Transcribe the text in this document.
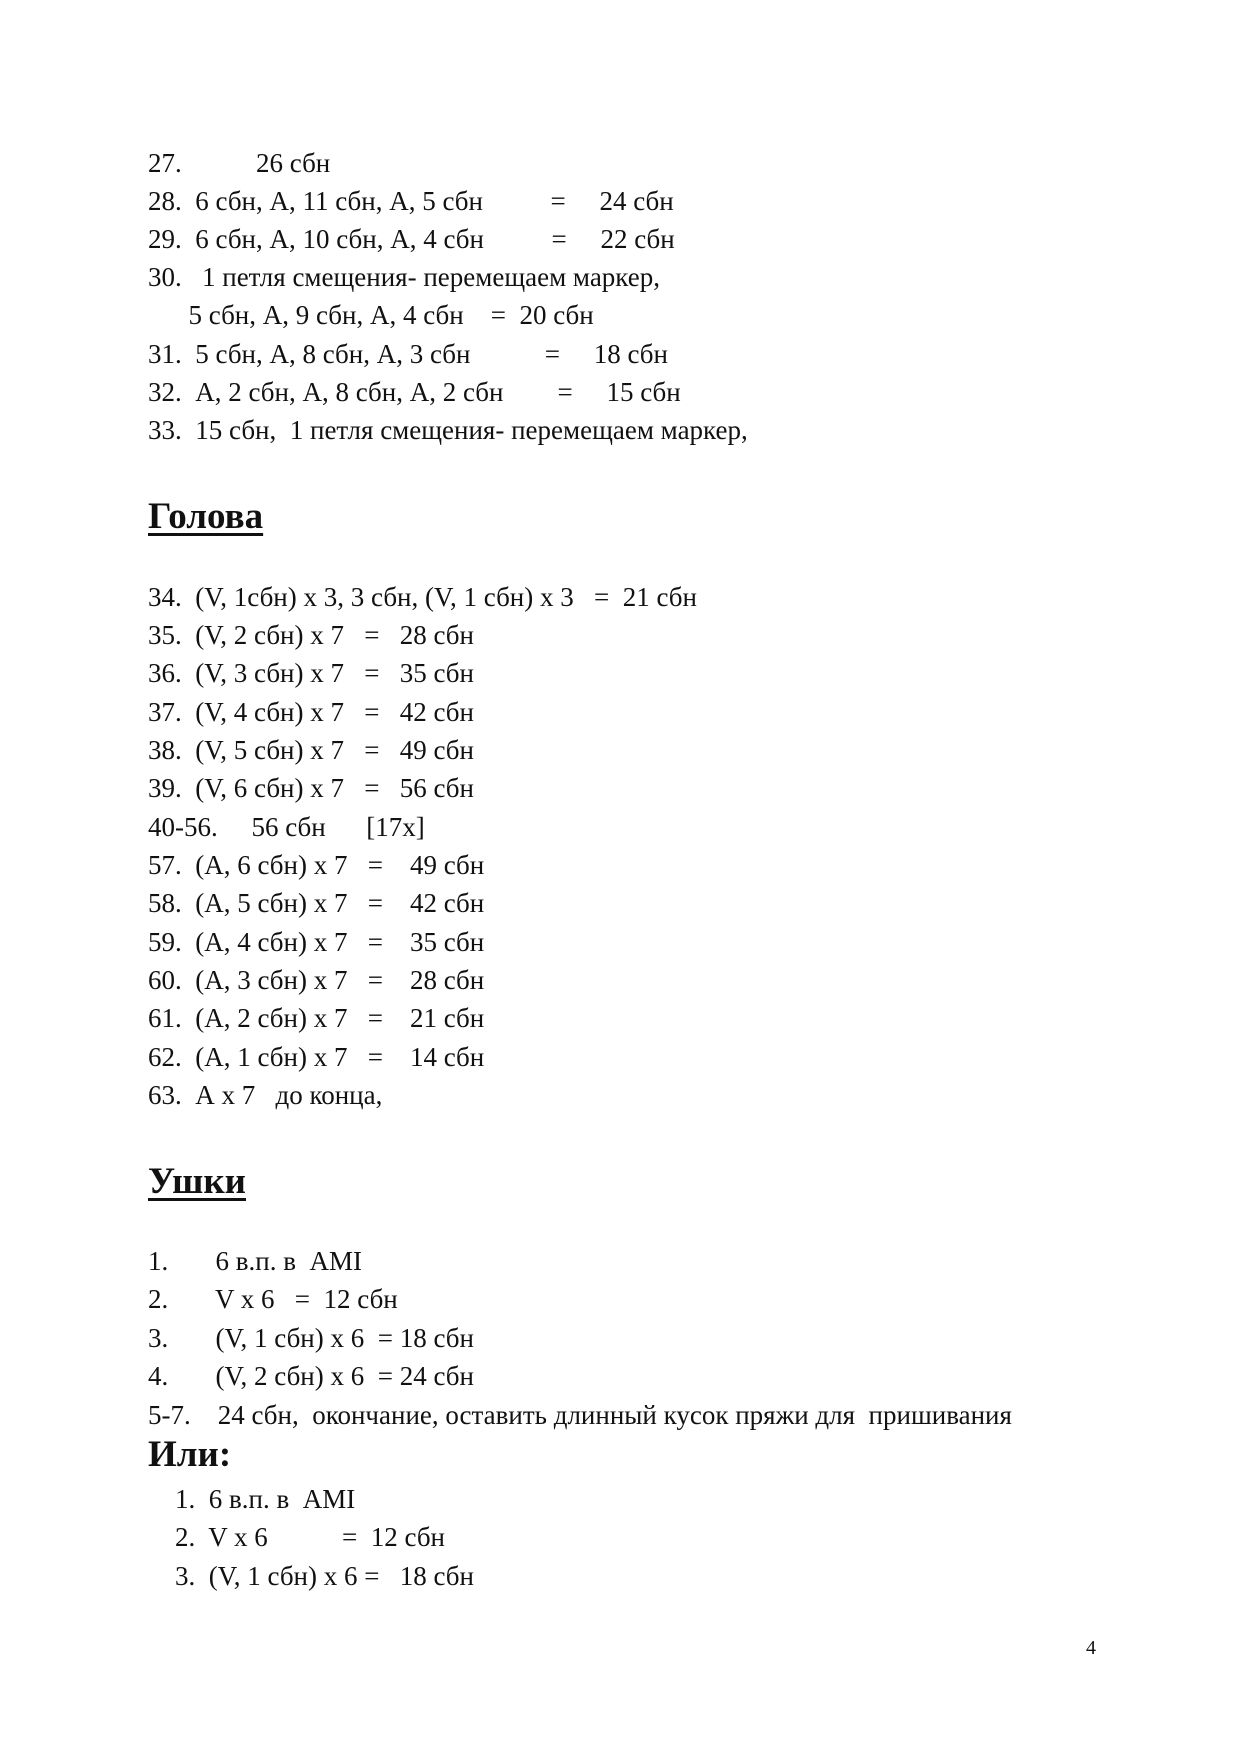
27.           26 сбн
28.  6 сбн, А, 11 сбн, А, 5 сбн          =     24 сбн
29.  6 сбн, А, 10 сбн, А, 4 сбн          =     22 сбн
30.   1 петля смещения- перемещаем маркер,
5 сбн, А, 9 сбн, А, 4 сбн    =  20 сбн
31.  5 сбн, А, 8 сбн, А, 3 сбн           =     18 сбн
32.  А, 2 сбн, А, 8 сбн, А, 2 сбн        =     15 сбн
33.  15 сбн,  1 петля смещения- перемещаем маркер,
Голова
34.  (V, 1сбн) х 3, 3 сбн, (V, 1 сбн) х 3   =  21 сбн
35.  (V, 2 сбн) х 7   =   28 сбн
36.  (V, 3 сбн) х 7   =   35 сбн
37.  (V, 4 сбн) х 7   =   42 сбн
38.  (V, 5 сбн) х 7   =   49 сбн
39.  (V, 6 сбн) х 7   =   56 сбн
40-56.     56 сбн      [17х]
57.  (А, 6 сбн) х 7   =    49 сбн
58.  (А, 5 сбн) х 7   =    42 сбн
59.  (А, 4 сбн) х 7   =    35 сбн
60.  (А, 3 сбн) х 7   =    28 сбн
61.  (А, 2 сбн) х 7   =    21 сбн
62.  (А, 1 сбн) х 7   =    14 сбн
63.  А х 7   до конца,
Ушки
1.       6 в.п. в  AMI
2.       V х 6   =  12 сбн
3.       (V, 1 сбн) х 6  = 18 сбн
4.       (V, 2 сбн) х 6  = 24 сбн
5-7.    24 сбн,  окончание, оставить длинный кусок пряжи для  пришивания
Или:
1.  6 в.п. в  AMI
2.  V х 6           =  12 сбн
3.  (V, 1 сбн) х 6 =   18 сбн
4
